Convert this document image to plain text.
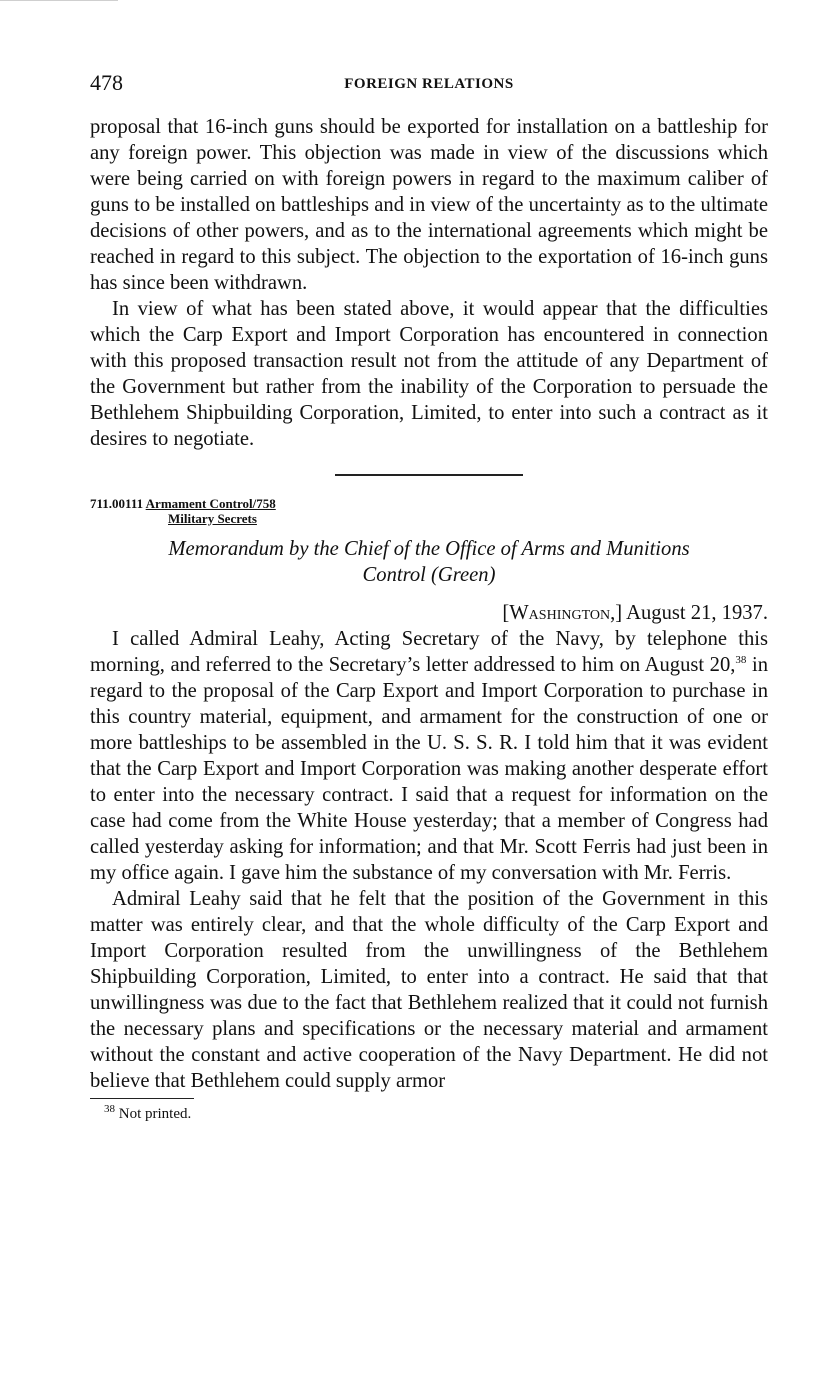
478	FOREIGN RELATIONS

proposal that 16-inch guns should be exported for installation on a battleship for any foreign power. This objection was made in view of the discussions which were being carried on with foreign powers in regard to the maximum caliber of guns to be installed on battleships and in view of the uncertainty as to the ultimate decisions of other powers, and as to the international agreements which might be reached in regard to this subject. The objection to the exportation of 16-inch guns has since been withdrawn.

In view of what has been stated above, it would appear that the difficulties which the Carp Export and Import Corporation has encountered in connection with this proposed transaction result not from the attitude of any Department of the Government but rather from the inability of the Corporation to persuade the Bethlehem Shipbuilding Corporation, Limited, to enter into such a contract as it desires to negotiate.

711.00111 Armament Control/758
Military Secrets
Memorandum by the Chief of the Office of Arms and Munitions
Control (Green)
[Washington,] August 21, 1937.

I called Admiral Leahy, Acting Secretary of the Navy, by telephone this morning, and referred to the Secretary’s letter addressed to him on August 20,38 in regard to the proposal of the Carp Export and Import Corporation to purchase in this country material, equipment, and armament for the construction of one or more battleships to be assembled in the U. S. S. R. I told him that it was evident that the Carp Export and Import Corporation was making another desperate effort to enter into the necessary contract. I said that a request for information on the case had come from the White House yesterday; that a member of Congress had called yesterday asking for information; and that Mr. Scott Ferris had just been in my office again. I gave him the substance of my conversation with Mr. Ferris.

Admiral Leahy said that he felt that the position of the Government in this matter was entirely clear, and that the whole difficulty of the Carp Export and Import Corporation resulted from the unwillingness of the Bethlehem Shipbuilding Corporation, Limited, to enter into a contract. He said that that unwillingness was due to the fact that Bethlehem realized that it could not furnish the necessary plans and specifications or the necessary material and armament without the constant and active cooperation of the Navy Department. He did not believe that Bethlehem could supply armor

$^{38}$ Not printed.
